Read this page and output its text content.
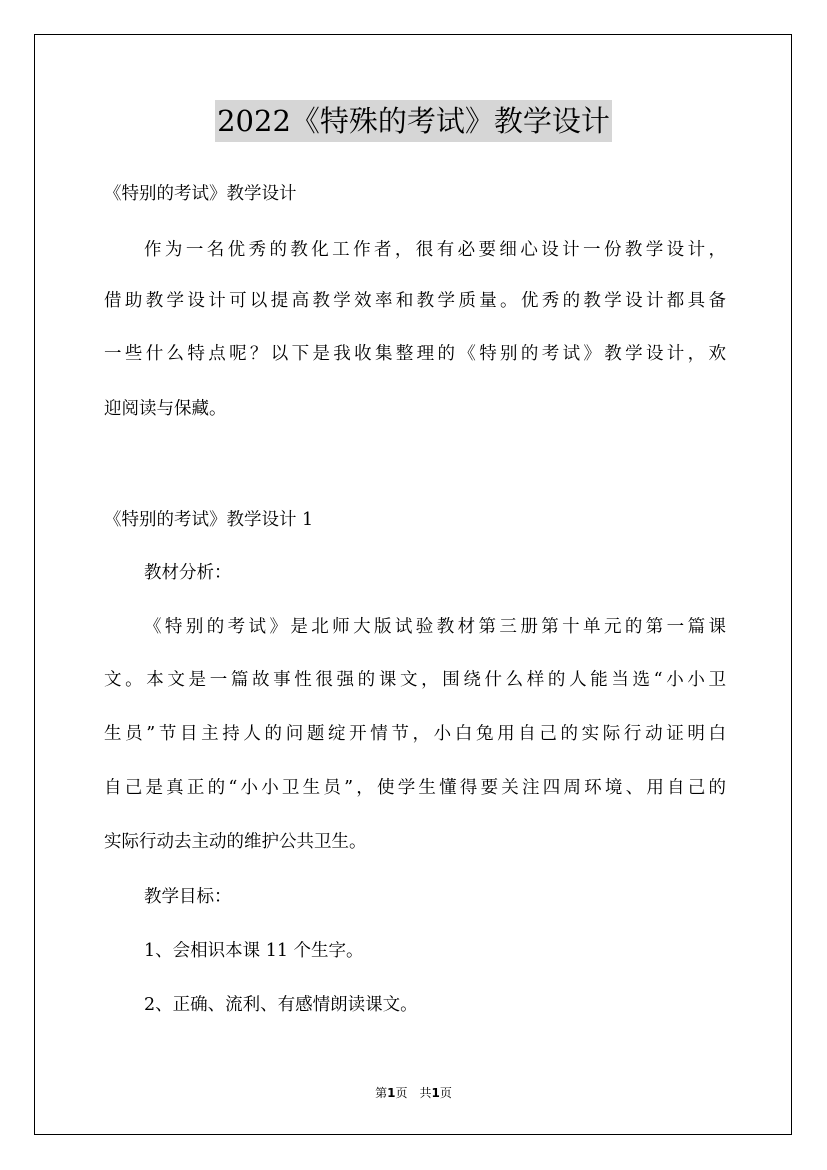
2022《特殊的考试》教学设计
《特别的考试》教学设计
作为一名优秀的教化工作者，很有必要细心设计一份教学设计，
借助教学设计可以提高教学效率和教学质量。优秀的教学设计都具备
一些什么特点呢？以下是我收集整理的《特别的考试》教学设计，欢
迎阅读与保藏。
《特别的考试》教学设计 1
教材分析：
《特别的考试》是北师大版试验教材第三册第十单元的第一篇课
文。本文是一篇故事性很强的课文，围绕什么样的人能当选“小小卫
生员”节目主持人的问题绽开情节，小白兔用自己的实际行动证明白
自己是真正的“小小卫生员”，使学生懂得要关注四周环境、用自己的
实际行动去主动的维护公共卫生。
教学目标：
1、会相识本课 11 个生字。
2、正确、流利、有感情朗读课文。
第1页　共1页
